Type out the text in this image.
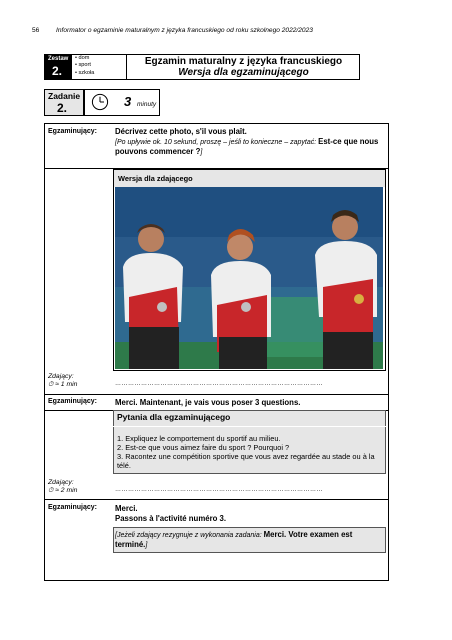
56	Informator o egzaminie maturalnym z języka francuskiego od roku szkolnego 2022/2023
Zestaw
2.
• dom
• sport
• szkoła
Egzamin maturalny z języka francuskiego
Wersja dla egzaminującego
Zadanie
2.	3 minuty
Egzaminujący: Décrivez cette photo, s'il vous plaît.
[Po upływie ok. 10 sekund, proszę – jeśli to konieczne – zapytać: Est-ce que nous pouvons commencer ?]
Wersja dla zdającego
Zdający:
⏱ ≈ 1 min	……………………………………………………………………………………
Egzaminujący: Merci. Maintenant, je vais vous poser 3 questions.
Pytania dla egzaminującego
1. Expliquez le comportement du sportif au milieu.
2. Est-ce que vous aimez faire du sport ? Pourquoi ?
3. Racontez une compétition sportive que vous avez regardée au stade ou à la télé.
Zdający:
⏱ ≈ 2 min	……………………………………………………………………………………
Egzaminujący: Merci.
Passons à l'activité numéro 3.
[Jeżeli zdający rezygnuje z wykonania zadania: Merci. Votre examen est terminé.]
